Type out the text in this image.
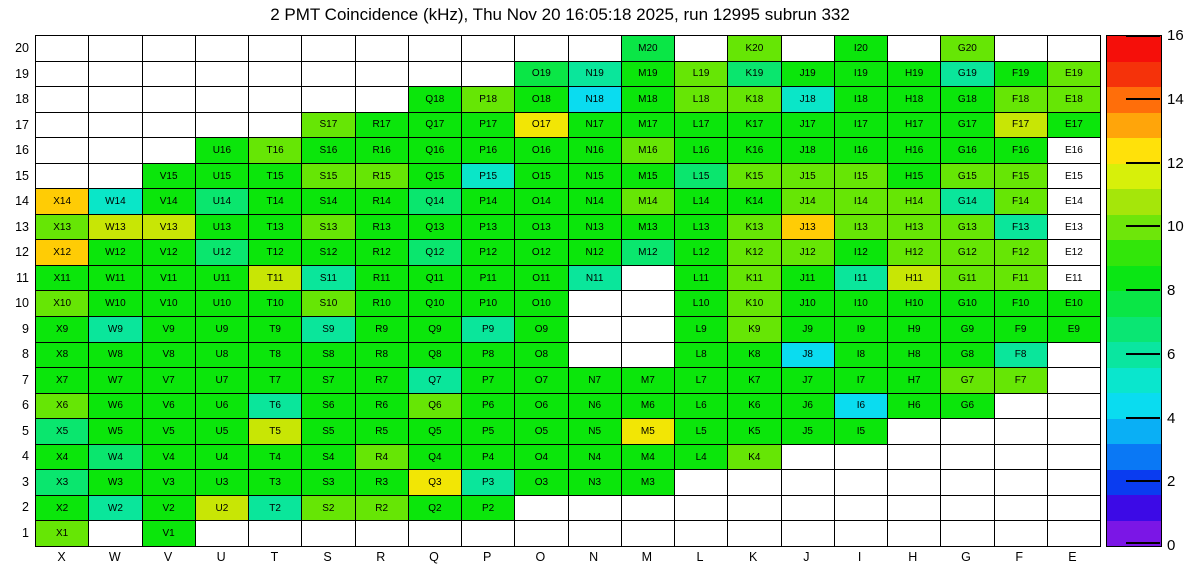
2 PMT Coincidence (kHz), Thu Nov 20 16:05:18 2025, run 12995 subrun 332
M20	K20	I20	G20
O19	N19	M19	L19	K19	J19	I19	H19	G19	F19	E19
Q18	P18	O18	N18	M18	L18	K18	J18	I18	H18	G18	F18	E18
S17	R17	Q17	P17	O17	N17	M17	L17	K17	J17	I17	H17	G17	F17	E17
U16	T16	S16	R16	Q16	P16	O16	N16	M16	L16	K16	J18	I16	H16	G16	F16	E16
V15	U15	T15	S15	R15	Q15	P15	O15	N15	M15	L15	K15	J15	I15	H15	G15	F15	E15
X14	W14	V14	U14	T14	S14	R14	Q14	P14	O14	N14	M14	L14	K14	J14	I14	H14	G14	F14	E14
X13	W13	V13	U13	T13	S13	R13	Q13	P13	O13	N13	M13	L13	K13	J13	I13	H13	G13	F13	E13
X12	W12	V12	U12	T12	S12	R12	Q12	P12	O12	N12	M12	L12	K12	J12	I12	H12	G12	F12	E12
X11	W11	V11	U11	T11	S11	R11	Q11	P11	O11	N11	L11	K11	J11	I11	H11	G11	F11	E11
X10	W10	V10	U10	T10	S10	R10	Q10	P10	O10	L10	K10	J10	I10	H10	G10	F10	E10
X9	W9	V9	U9	T9	S9	R9	Q9	P9	O9	L9	K9	J9	I9	H9	G9	F9	E9
X8	W8	V8	U8	T8	S8	R8	Q8	P8	O8	L8	K8	J8	I8	H8	G8	F8
X7	W7	V7	U7	T7	S7	R7	Q7	P7	O7	N7	M7	L7	K7	J7	I7	H7	G7	F7
X6	W6	V6	U6	T6	S6	R6	Q6	P6	O6	N6	M6	L6	K6	J6	I6	H6	G6
X5	W5	V5	U5	T5	S5	R5	Q5	P5	O5	N5	M5	L5	K5	J5	I5
X4	W4	V4	U4	T4	S4	R4	Q4	P4	O4	N4	M4	L4	K4
X3	W3	V3	U3	T3	S3	R3	Q3	P3	O3	N3	M3
X2	W2	V2	U2	T2	S2	R2	Q2	P2
X1	V1
20
19
18
17
16
15
14
13
12
11
10
9
8
7
6
5
4
3
2
1
X	W	V	U	T	S	R	Q	P	O	N	M	L	K	J	I	H	G	F	E
0
2
4
6
8
10
12
14
16
